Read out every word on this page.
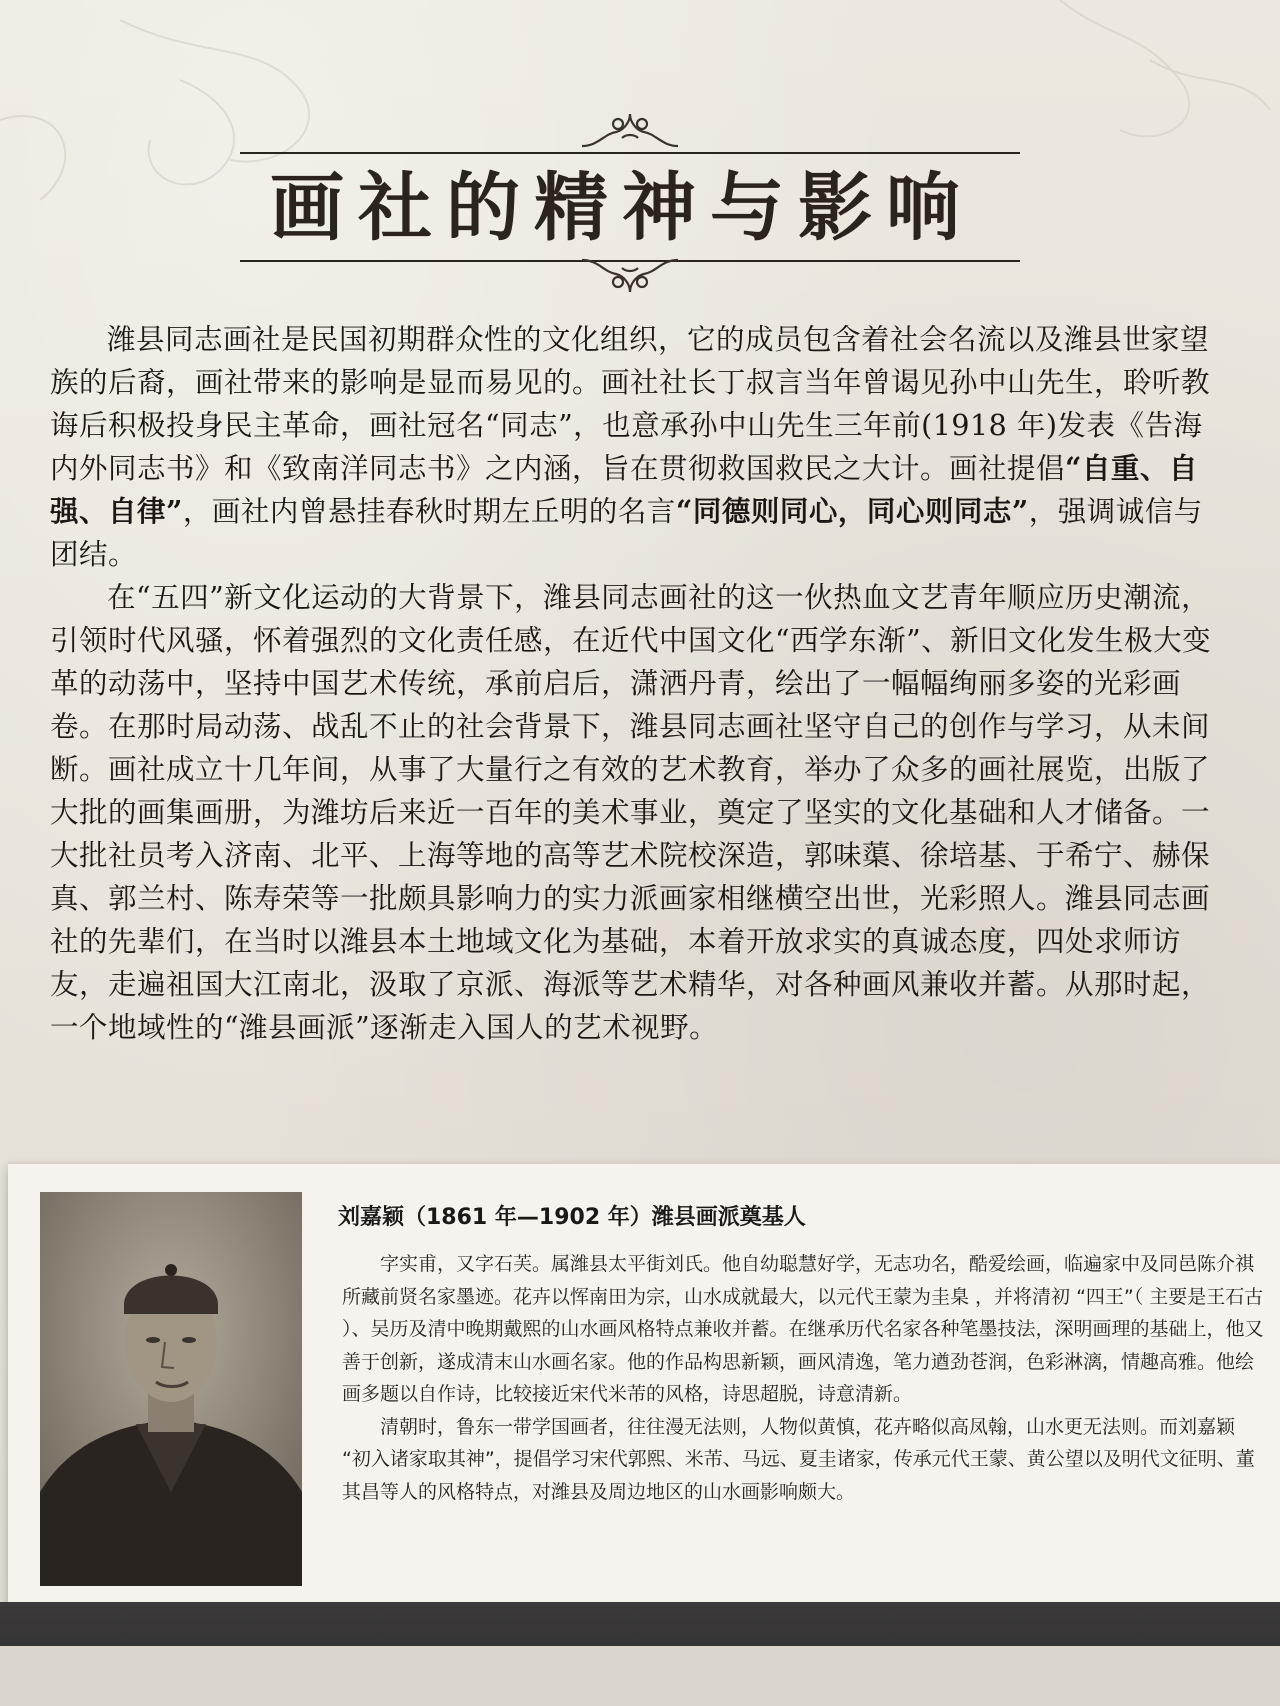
画社的精神与影响

潍县同志画社是民国初期群众性的文化组织，它的成员包含着社会名流以及潍县世家望族的后裔，画社带来的影响是显而易见的。画社社长丁叔言当年曾谒见孙中山先生，聆听教诲后积极投身民主革命，画社冠名“同志”，也意承孙中山先生三年前(1918 年)发表《告海内外同志书》和《致南洋同志书》之内涵，旨在贯彻救国救民之大计。画社提倡“自重、自强、自律”，画社内曾悬挂春秋时期左丘明的名言“同德则同心，同心则同志”，强调诚信与团结。

在“五四”新文化运动的大背景下，潍县同志画社的这一伙热血文艺青年顺应历史潮流，引领时代风骚，怀着强烈的文化责任感，在近代中国文化“西学东渐”、新旧文化发生极大变革的动荡中，坚持中国艺术传统，承前启后，潇洒丹青，绘出了一幅幅绚丽多姿的光彩画卷。在那时局动荡、战乱不止的社会背景下，潍县同志画社坚守自己的创作与学习，从未间断。画社成立十几年间，从事了大量行之有效的艺术教育，举办了众多的画社展览，出版了大批的画集画册，为潍坊后来近一百年的美术事业，奠定了坚实的文化基础和人才储备。一大批社员考入济南、北平、上海等地的高等艺术院校深造，郭味蕖、徐培基、于希宁、赫保真、郭兰村、陈寿荣等一批颇具影响力的实力派画家相继横空出世，光彩照人。潍县同志画社的先辈们，在当时以潍县本土地域文化为基础，本着开放求实的真诚态度，四处求师访友，走遍祖国大江南北，汲取了京派、海派等艺术精华，对各种画风兼收并蓄。从那时起，一个地域性的“潍县画派”逐渐走入国人的艺术视野。

刘嘉颖（1861 年—1902 年）潍县画派奠基人

字实甫，又字石芙。属潍县太平街刘氏。他自幼聪慧好学，无志功名，酷爱绘画，临遍家中及同邑陈介祺所藏前贤名家墨迹。花卉以恽南田为宗，山水成就最大，以元代王蒙为圭臬 ，并将清初 “四王”（ 主要是王石古 ）、吴历及清中晚期戴熙的山水画风格特点兼收并蓄。在继承历代名家各种笔墨技法，深明画理的基础上，他又善于创新，遂成清末山水画名家。他的作品构思新颖，画风清逸，笔力遒劲苍润，色彩淋漓，情趣高雅。他绘画多题以自作诗，比较接近宋代米芾的风格，诗思超脱，诗意清新。

清朝时，鲁东一带学国画者，往往漫无法则，人物似黄慎，花卉略似高凤翰，山水更无法则。而刘嘉颖 “初入诸家取其神”，提倡学习宋代郭熙、米芾、马远、夏圭诸家，传承元代王蒙、黄公望以及明代文征明、董其昌等人的风格特点，对潍县及周边地区的山水画影响颇大。
